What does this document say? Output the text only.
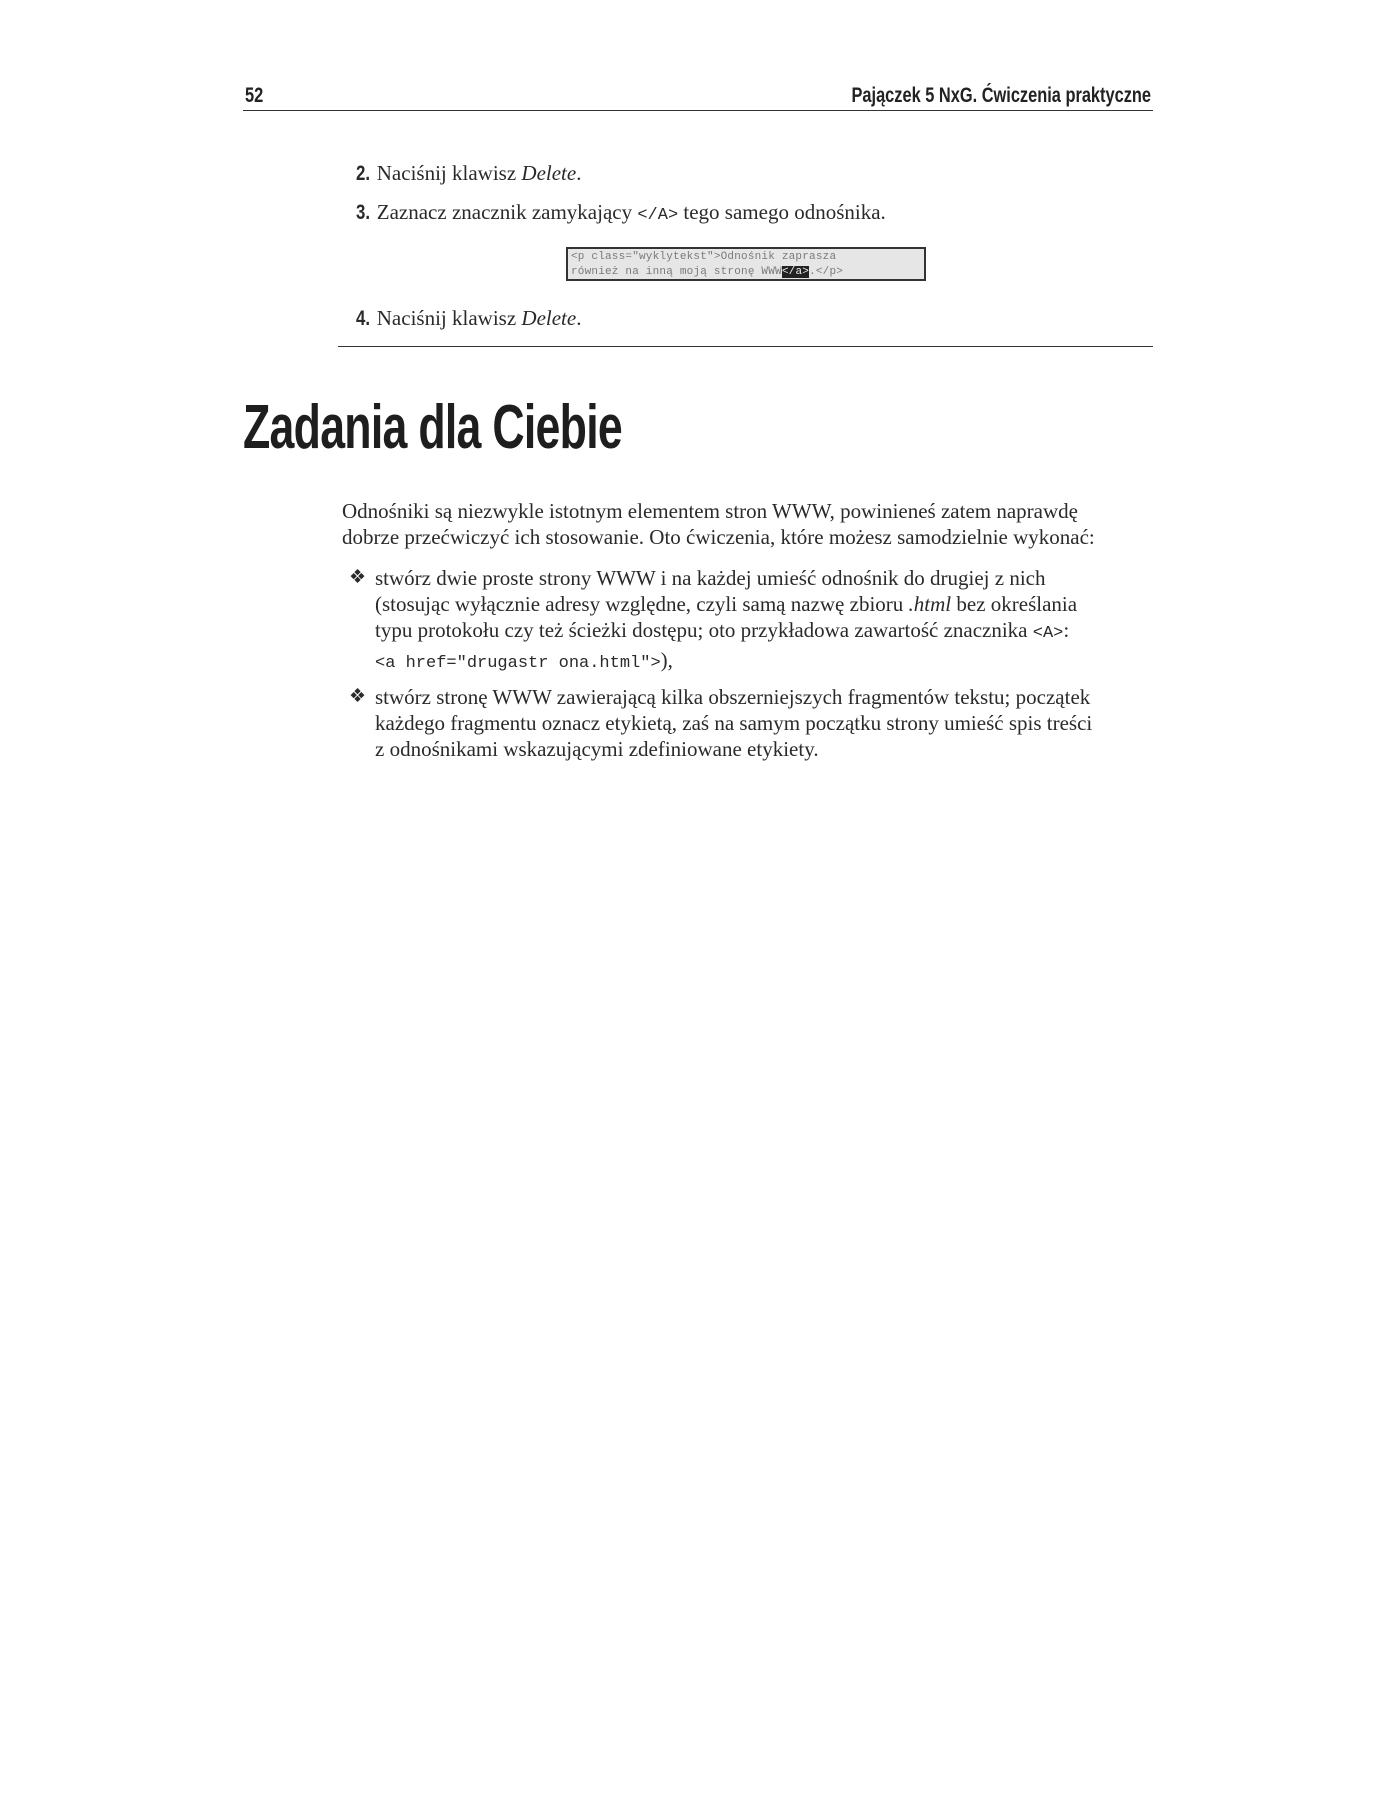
52	Pajączek 5 NxG. Ćwiczenia praktyczne
2. Naciśnij klawisz Delete.
3. Zaznacz znacznik zamykający </A> tego samego odnośnika.
<p class="wyklytekst">Odnośnik zaprasza
również na inną moją stronę WWW</a>.</p>
4. Naciśnij klawisz Delete.
Zadania dla Ciebie
Odnośniki są niezwykle istotnym elementem stron WWW, powinieneś zatem naprawdę
dobrze przećwiczyć ich stosowanie. Oto ćwiczenia, które możesz samodzielnie wykonać:
❖ stwórz dwie proste strony WWW i na każdej umieść odnośnik do drugiej z nich
(stosując wyłącznie adresy względne, czyli samą nazwę zbioru .html bez określania
typu protokołu czy też ścieżki dostępu; oto przykładowa zawartość znacznika <A>:
<a href="drugastr ona.html">),
❖ stwórz stronę WWW zawierającą kilka obszerniejszych fragmentów tekstu; początek
każdego fragmentu oznacz etykietą, zaś na samym początku strony umieść spis treści
z odnośnikami wskazującymi zdefiniowane etykiety.
